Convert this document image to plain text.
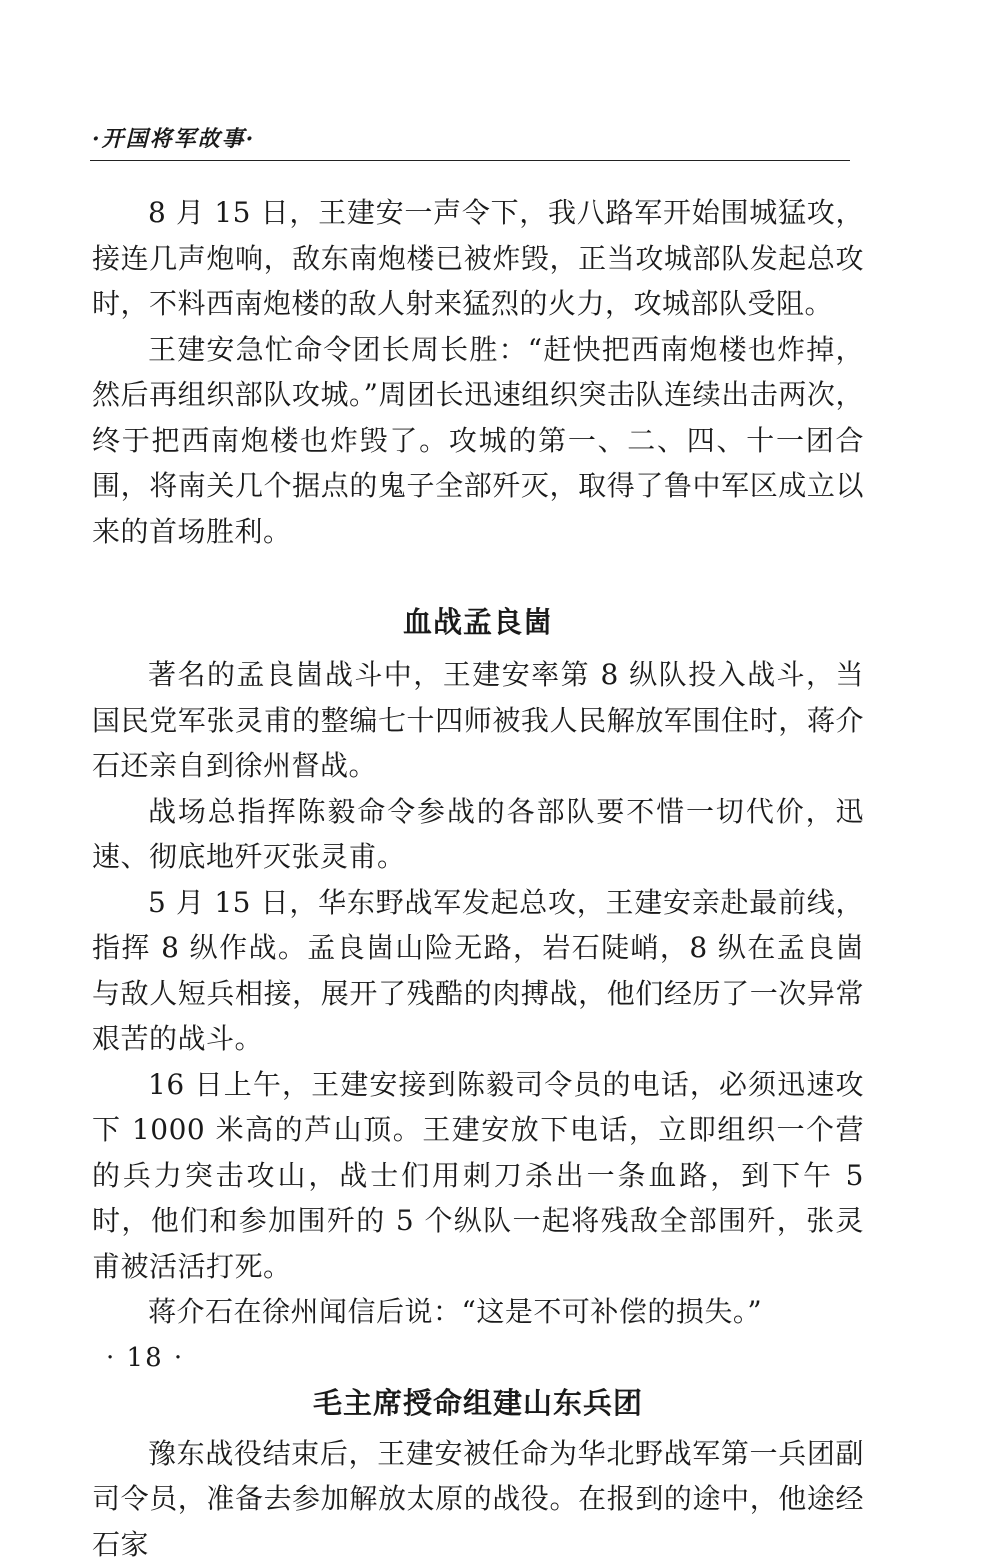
·开国将军故事·

8 月 15 日，王建安一声令下，我八路军开始围城猛攻，接连几声炮响，敌东南炮楼已被炸毁，正当攻城部队发起总攻时，不料西南炮楼的敌人射来猛烈的火力，攻城部队受阻。

王建安急忙命令团长周长胜：“赶快把西南炮楼也炸掉，然后再组织部队攻城。”周团长迅速组织突击队连续出击两次，终于把西南炮楼也炸毁了。攻城的第一、二、四、十一团合围，将南关几个据点的鬼子全部歼灭，取得了鲁中军区成立以来的首场胜利。

血战孟良崮

著名的孟良崮战斗中，王建安率第 8 纵队投入战斗，当国民党军张灵甫的整编七十四师被我人民解放军围住时，蒋介石还亲自到徐州督战。

战场总指挥陈毅命令参战的各部队要不惜一切代价，迅速、彻底地歼灭张灵甫。

5 月 15 日，华东野战军发起总攻，王建安亲赴最前线，指挥 8 纵作战。孟良崮山险无路，岩石陡峭，8 纵在孟良崮与敌人短兵相接，展开了残酷的肉搏战，他们经历了一次异常艰苦的战斗。

16 日上午，王建安接到陈毅司令员的电话，必须迅速攻下 1000 米高的芦山顶。王建安放下电话，立即组织一个营的兵力突击攻山，战士们用刺刀杀出一条血路，到下午 5 时，他们和参加围歼的 5 个纵队一起将残敌全部围歼，张灵甫被活活打死。

蒋介石在徐州闻信后说：“这是不可补偿的损失。”

毛主席授命组建山东兵团

豫东战役结束后，王建安被任命为华北野战军第一兵团副司令员，准备去参加解放太原的战役。在报到的途中，他途经石家

· 18 ·
